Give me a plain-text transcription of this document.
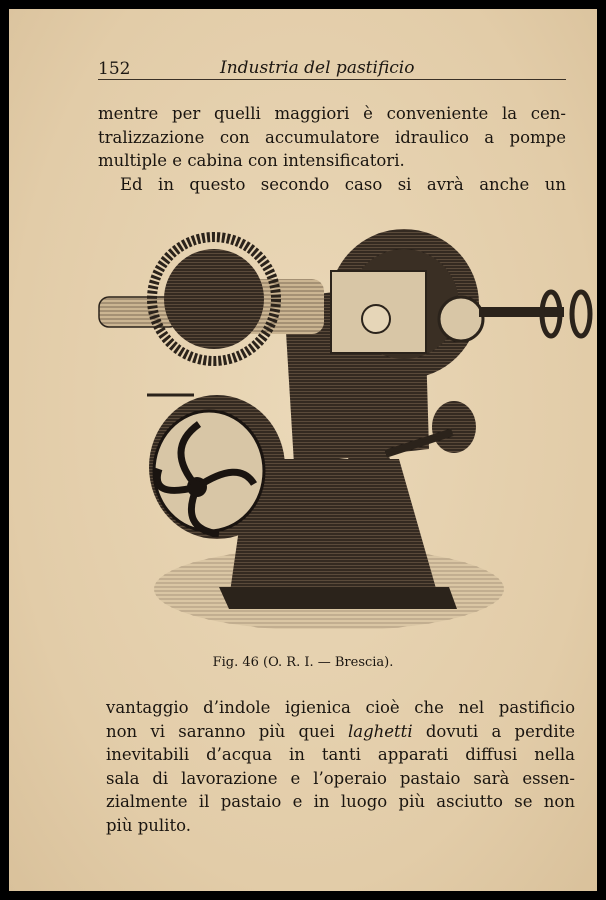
152	Industria del pastificio

mentre per quelli maggiori è conveniente la cen-
tralizzazione con accumulatore idraulico a pompe
multiple e cabina con intensificatori.
Ed in questo secondo caso si avrà anche un

Fig. 46 (O. R. I. — Brescia).

vantaggio d’indole igienica cioè che nel pastificio
non vi saranno più quei laghetti dovuti a perdite
inevitabili d’acqua in tanti apparati diffusi nella
sala di lavorazione e l’operaio pastaio sarà essen-
zialmente il pastaio e in luogo più asciutto se non
più pulito.
